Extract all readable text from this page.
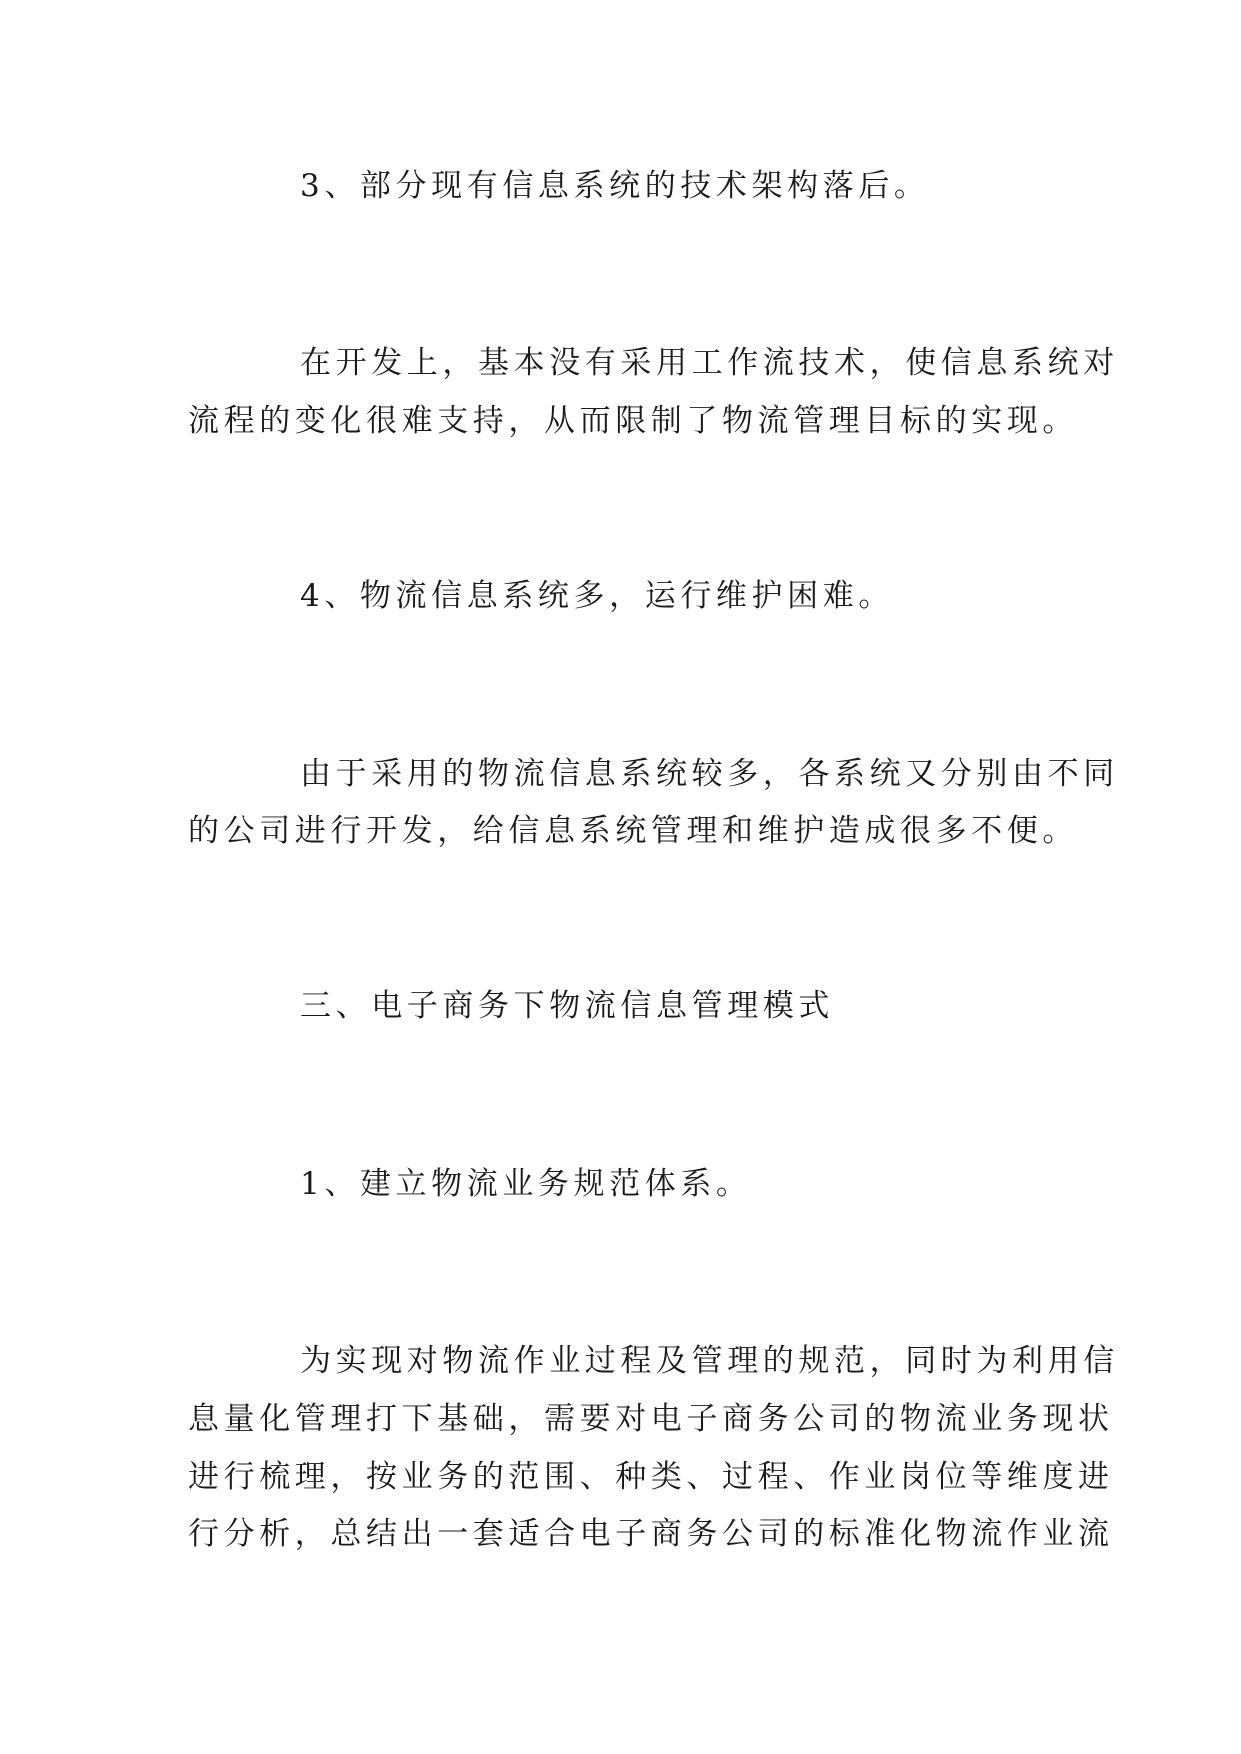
3、部分现有信息系统的技术架构落后。
在开发上，基本没有采用工作流技术，使信息系统对
流程的变化很难支持，从而限制了物流管理目标的实现。
4、物流信息系统多，运行维护困难。
由于采用的物流信息系统较多，各系统又分别由不同
的公司进行开发，给信息系统管理和维护造成很多不便。
三、电子商务下物流信息管理模式
1、建立物流业务规范体系。
为实现对物流作业过程及管理的规范，同时为利用信
息量化管理打下基础，需要对电子商务公司的物流业务现状
进行梳理，按业务的范围、种类、过程、作业岗位等维度进
行分析，总结出一套适合电子商务公司的标准化物流作业流
